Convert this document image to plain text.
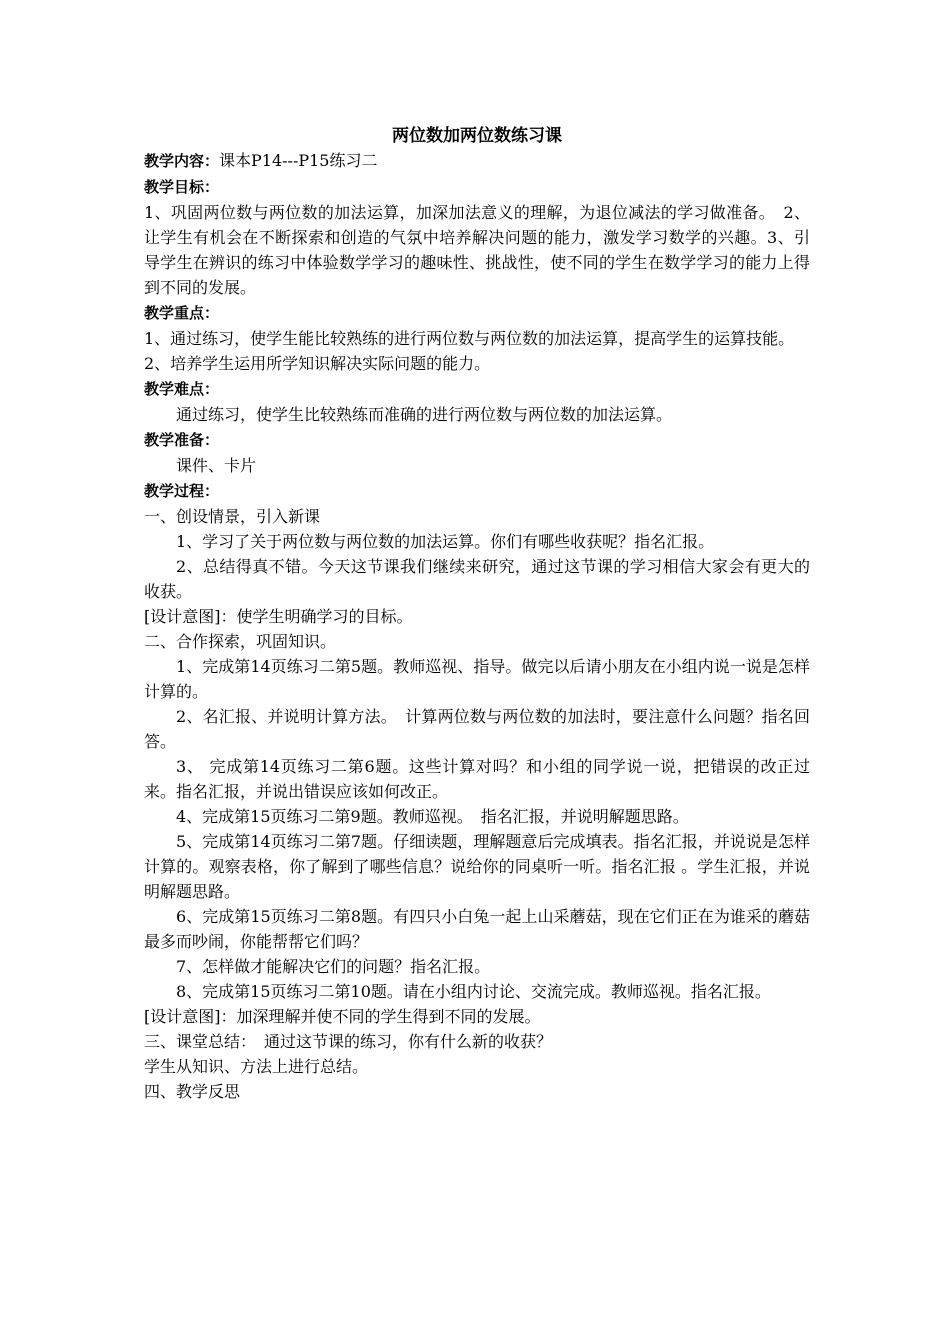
两位数加两位数练习课

教学内容：课本P14---P15练习二

教学目标：

1、巩固两位数与两位数的加法运算，加深加法意义的理解，为退位减法的学习做准备。　2、让学生有机会在不断探索和创造的气氛中培养解决问题的能力，激发学习数学的兴趣。3、引导学生在辨识的练习中体验数学学习的趣味性、挑战性，使不同的学生在数学学习的能力上得到不同的发展。

教学重点：

1、通过练习，使学生能比较熟练的进行两位数与两位数的加法运算，提高学生的运算技能。

2、培养学生运用所学知识解决实际问题的能力。

教学难点：

通过练习，使学生比较熟练而准确的进行两位数与两位数的加法运算。

教学准备：

课件、卡片

教学过程：

一、创设情景，引入新课

1、学习了关于两位数与两位数的加法运算。你们有哪些收获呢？指名汇报。

2、总结得真不错。今天这节课我们继续来研究，通过这节课的学习相信大家会有更大的收获。

[设计意图]：使学生明确学习的目标。

二、合作探索，巩固知识。

1、完成第14页练习二第5题。教师巡视、指导。做完以后请小朋友在小组内说一说是怎样计算的。

2、名汇报、并说明计算方法。　计算两位数与两位数的加法时，要注意什么问题？指名回答。

3、 完成第14页练习二第6题。这些计算对吗？和小组的同学说一说，把错误的改正过来。指名汇报，并说出错误应该如何改正。

4、完成第15页练习二第9题。教师巡视。　指名汇报，并说明解题思路。

5、完成第14页练习二第7题。仔细读题，理解题意后完成填表。指名汇报，并说说是怎样计算的。观察表格，你了解到了哪些信息？说给你的同桌听一听。指名汇报 。学生汇报，并说明解题思路。

6、完成第15页练习二第8题。有四只小白兔一起上山采蘑菇，现在它们正在为谁采的蘑菇最多而吵闹，你能帮帮它们吗？

7、怎样做才能解决它们的问题？指名汇报。

8、完成第15页练习二第10题。请在小组内讨论、交流完成。教师巡视。指名汇报。

[设计意图]：加深理解并使不同的学生得到不同的发展。

三、课堂总结：　通过这节课的练习，你有什么新的收获？

学生从知识、方法上进行总结。

四、教学反思
